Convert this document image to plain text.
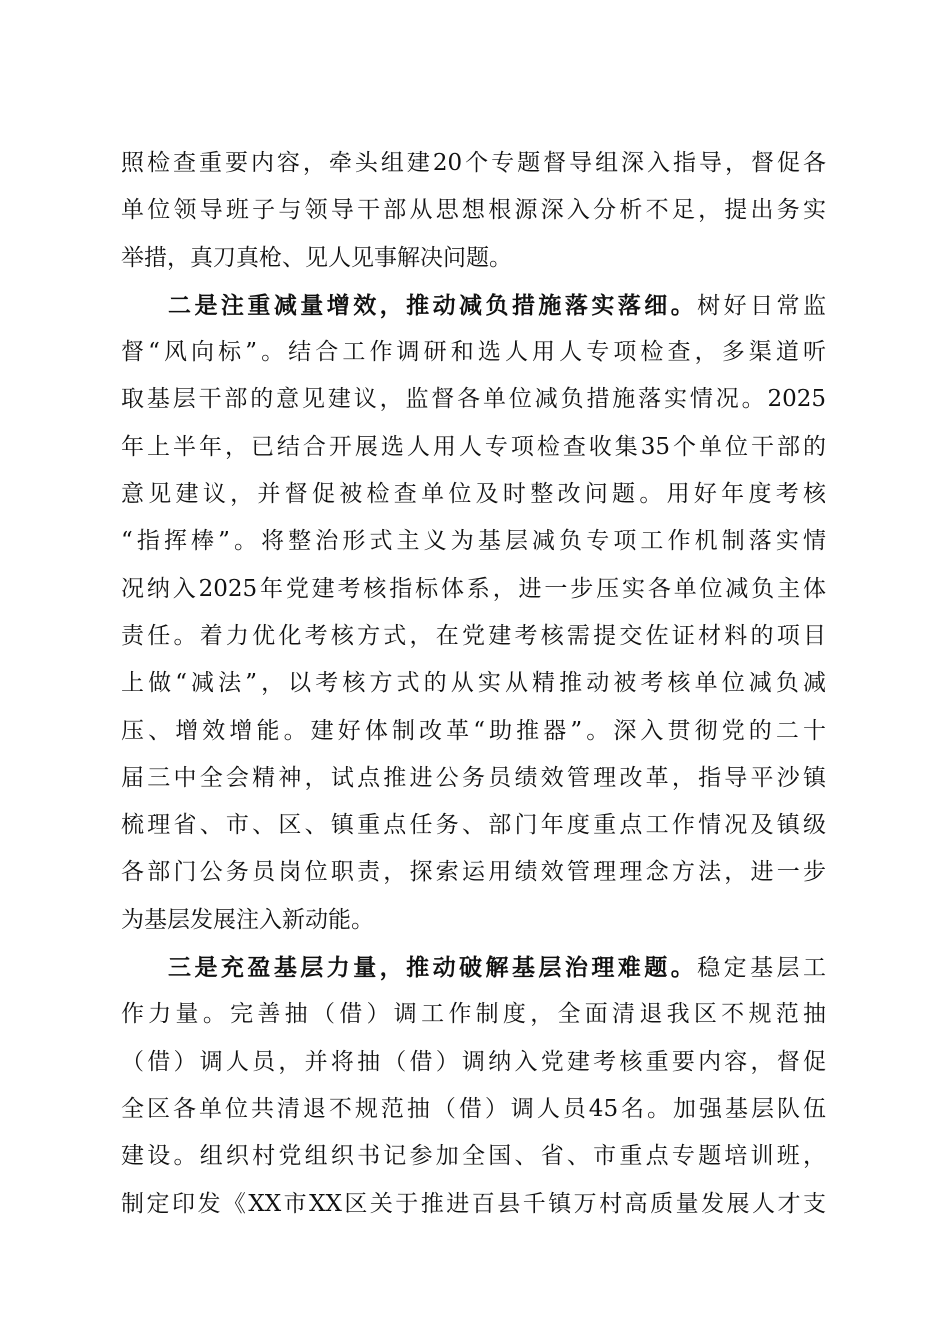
照检查重要内容，牵头组建20个专题督导组深入指导，督促各
单位领导班子与领导干部从思想根源深入分析不足，提出务实
举措，真刀真枪、见人见事解决问题。
二是注重减量增效，推动减负措施落实落细。树好日常监
督“风向标”。结合工作调研和选人用人专项检查，多渠道听
取基层干部的意见建议，监督各单位减负措施落实情况。2025
年上半年，已结合开展选人用人专项检查收集35个单位干部的
意见建议，并督促被检查单位及时整改问题。用好年度考核
“指挥棒”。将整治形式主义为基层减负专项工作机制落实情
况纳入2025年党建考核指标体系，进一步压实各单位减负主体
责任。着力优化考核方式，在党建考核需提交佐证材料的项目
上做“减法”，以考核方式的从实从精推动被考核单位减负减
压、增效增能。建好体制改革“助推器”。深入贯彻党的二十
届三中全会精神，试点推进公务员绩效管理改革，指导平沙镇
梳理省、市、区、镇重点任务、部门年度重点工作情况及镇级
各部门公务员岗位职责，探索运用绩效管理理念方法，进一步
为基层发展注入新动能。
三是充盈基层力量，推动破解基层治理难题。稳定基层工
作力量。完善抽（借）调工作制度，全面清退我区不规范抽
（借）调人员，并将抽（借）调纳入党建考核重要内容，督促
全区各单位共清退不规范抽（借）调人员45名。加强基层队伍
建设。组织村党组织书记参加全国、省、市重点专题培训班，
制定印发《XX市XX区关于推进百县千镇万村高质量发展人才支
